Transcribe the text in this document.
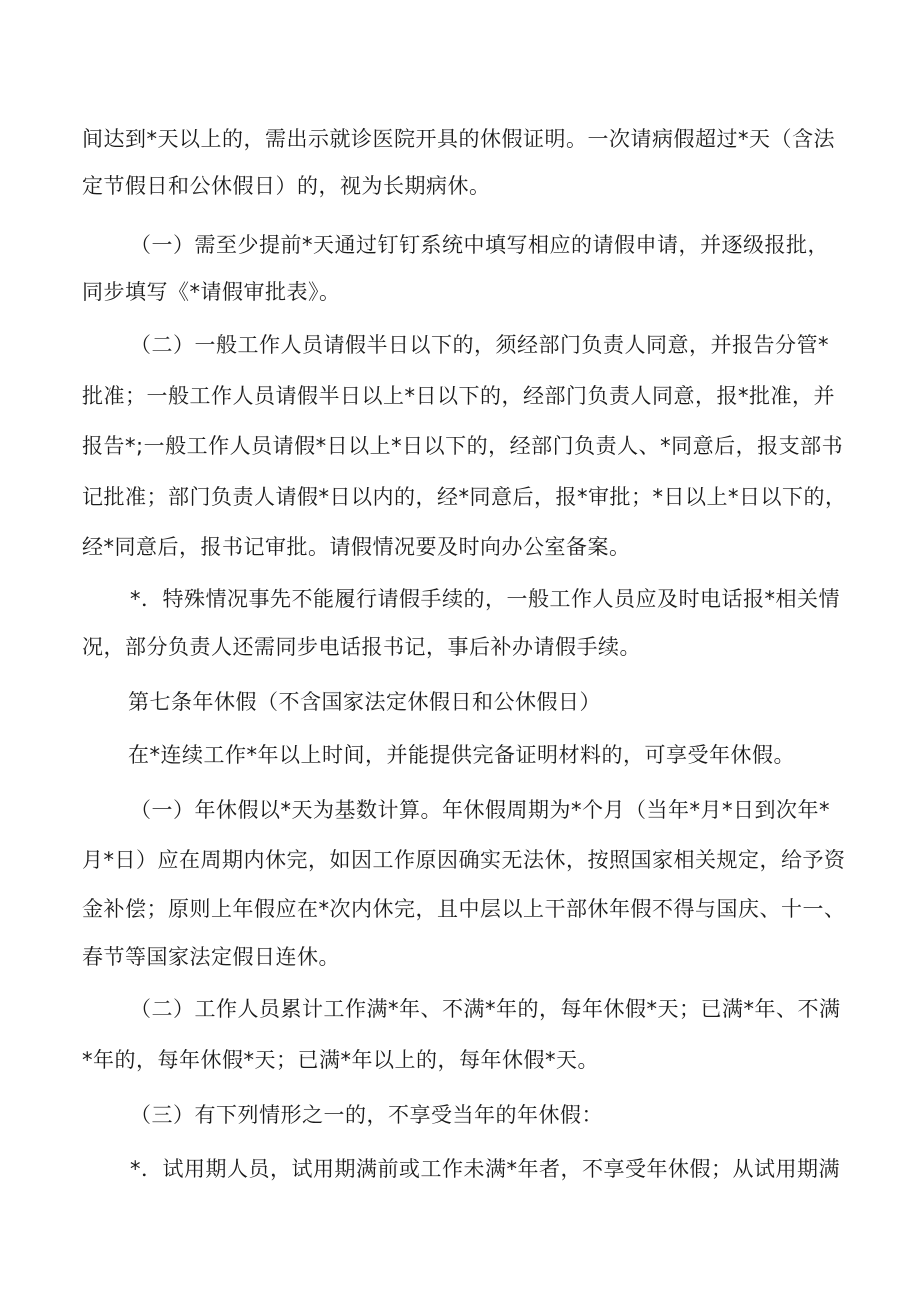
间达到*天以上的，需出示就诊医院开具的休假证明。一次请病假超过*天（含法
定节假日和公休假日）的，视为长期病休。
（一）需至少提前*天通过钉钉系统中填写相应的请假申请，并逐级报批，
同步填写《*请假审批表》。
（二）一般工作人员请假半日以下的，须经部门负责人同意，并报告分管*
批准；一般工作人员请假半日以上*日以下的，经部门负责人同意，报*批准，并
报告*;一般工作人员请假*日以上*日以下的，经部门负责人、*同意后，报支部书
记批准；部门负责人请假*日以内的，经*同意后，报*审批；*日以上*日以下的，
经*同意后，报书记审批。请假情况要及时向办公室备案。
*．特殊情况事先不能履行请假手续的，一般工作人员应及时电话报*相关情
况，部分负责人还需同步电话报书记，事后补办请假手续。
第七条年休假（不含国家法定休假日和公休假日）
在*连续工作*年以上时间，并能提供完备证明材料的，可享受年休假。
（一）年休假以*天为基数计算。年休假周期为*个月（当年*月*日到次年*
月*日）应在周期内休完，如因工作原因确实无法休，按照国家相关规定，给予资
金补偿；原则上年假应在*次内休完，且中层以上干部休年假不得与国庆、十一、
春节等国家法定假日连休。
（二）工作人员累计工作满*年、不满*年的，每年休假*天；已满*年、不满
*年的，每年休假*天；已满*年以上的，每年休假*天。
（三）有下列情形之一的，不享受当年的年休假：
*．试用期人员，试用期满前或工作未满*年者，不享受年休假；从试用期满
